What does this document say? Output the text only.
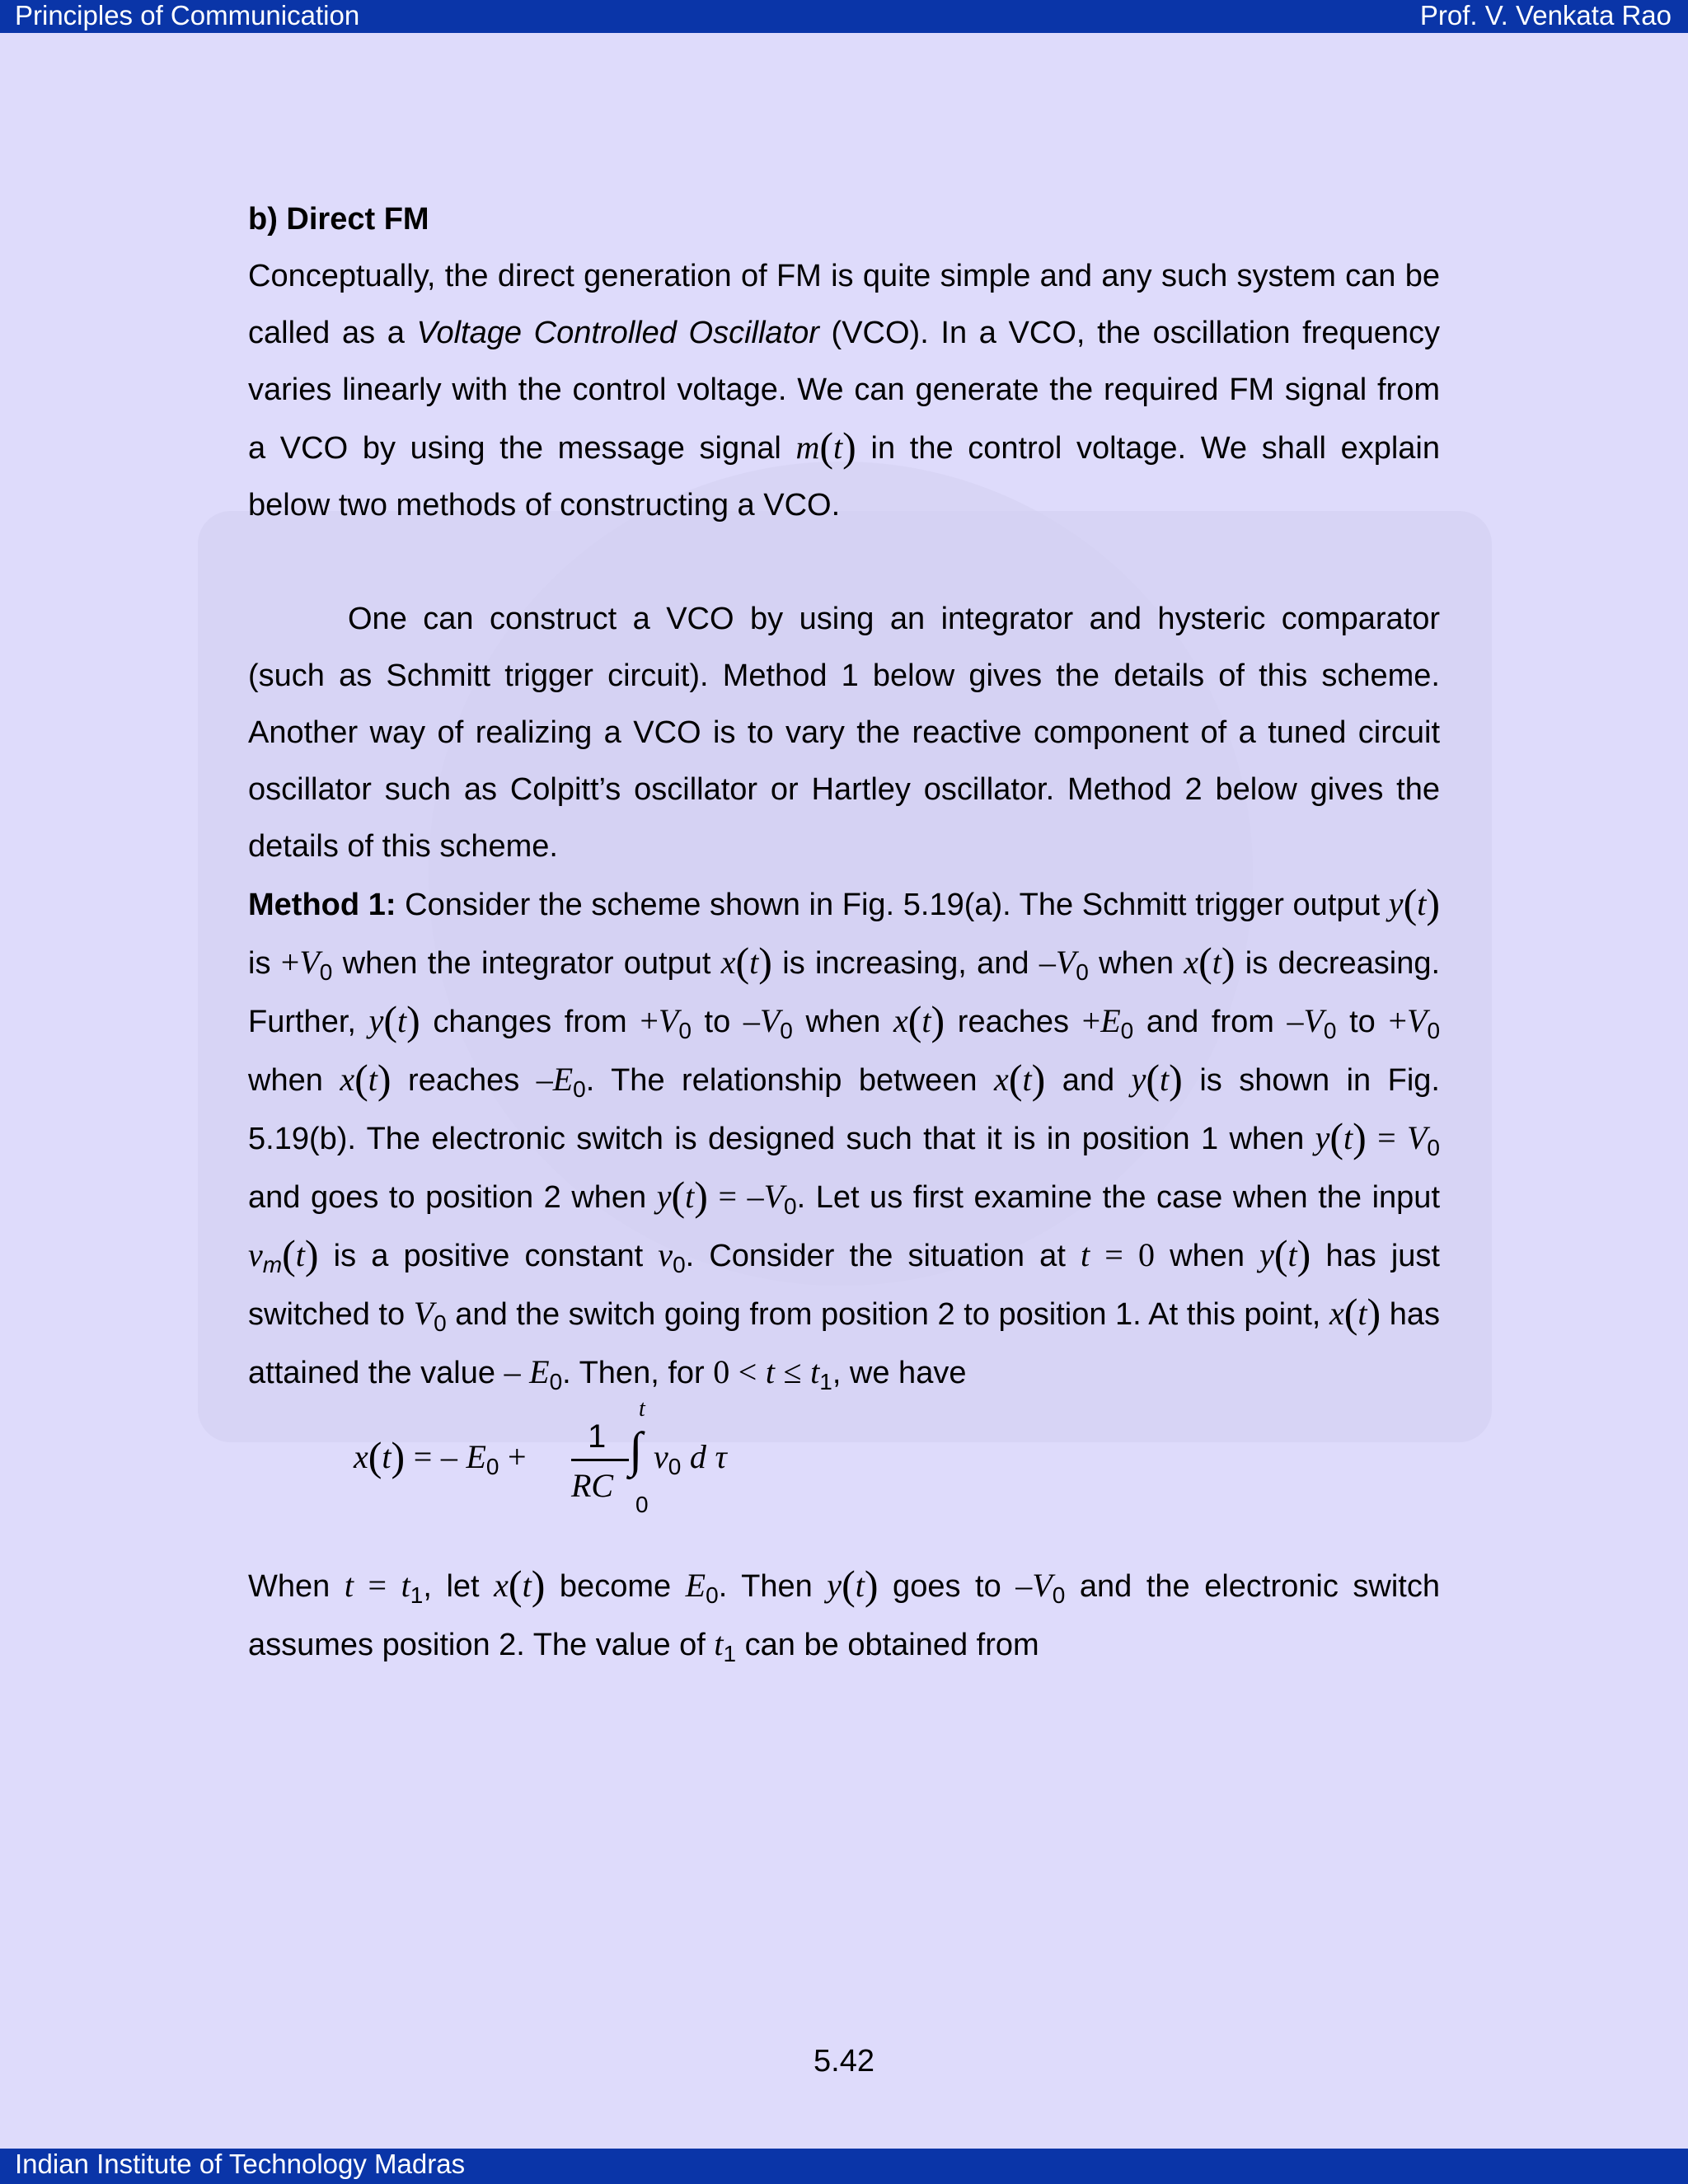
Principles of Communication	Prof. V. Venkata Rao

b) Direct FM

Conceptually, the direct generation of FM is quite simple and any such system can be called as a Voltage Controlled Oscillator (VCO). In a VCO, the oscillation frequency varies linearly with the control voltage. We can generate the required FM signal from a VCO by using the message signal m(t) in the control voltage. We shall explain below two methods of constructing a VCO.

One can construct a VCO by using an integrator and hysteric comparator (such as Schmitt trigger circuit). Method 1 below gives the details of this scheme. Another way of realizing a VCO is to vary the reactive component of a tuned circuit oscillator such as Colpitt’s oscillator or Hartley oscillator. Method 2 below gives the details of this scheme.

Method 1: Consider the scheme shown in Fig. 5.19(a). The Schmitt trigger output y(t) is $+V_0$ when the integrator output x(t) is increasing, and $-V_0$ when x(t) is decreasing. Further, y(t) changes from $+V_0$ to $-V_0$ when x(t) reaches $+E_0$ and from $-V_0$ to $+V_0$ when x(t) reaches $-E_0$. The relationship between x(t) and y(t) is shown in Fig. 5.19(b). The electronic switch is designed such that it is in position 1 when $y(t) = V_0$ and goes to position 2 when $y(t) = -V_0$. Let us first examine the case when the input $v_m(t)$ is a positive constant $v_0$. Consider the situation at t = 0 when y(t) has just switched to $V_0$ and the switch going from position 2 to position 1. At this point, x(t) has attained the value – $E_0$. Then, for $0 < t \le t_1$, we have

x(t) = – $E_0$ +
1
RC
t
∫
0
$v_0$ d τ

When $t = t_1$, let x(t) become $E_0$. Then y(t) goes to $-V_0$ and the electronic switch assumes position 2. The value of $t_1$ can be obtained from

5.42
Indian Institute of Technology Madras
